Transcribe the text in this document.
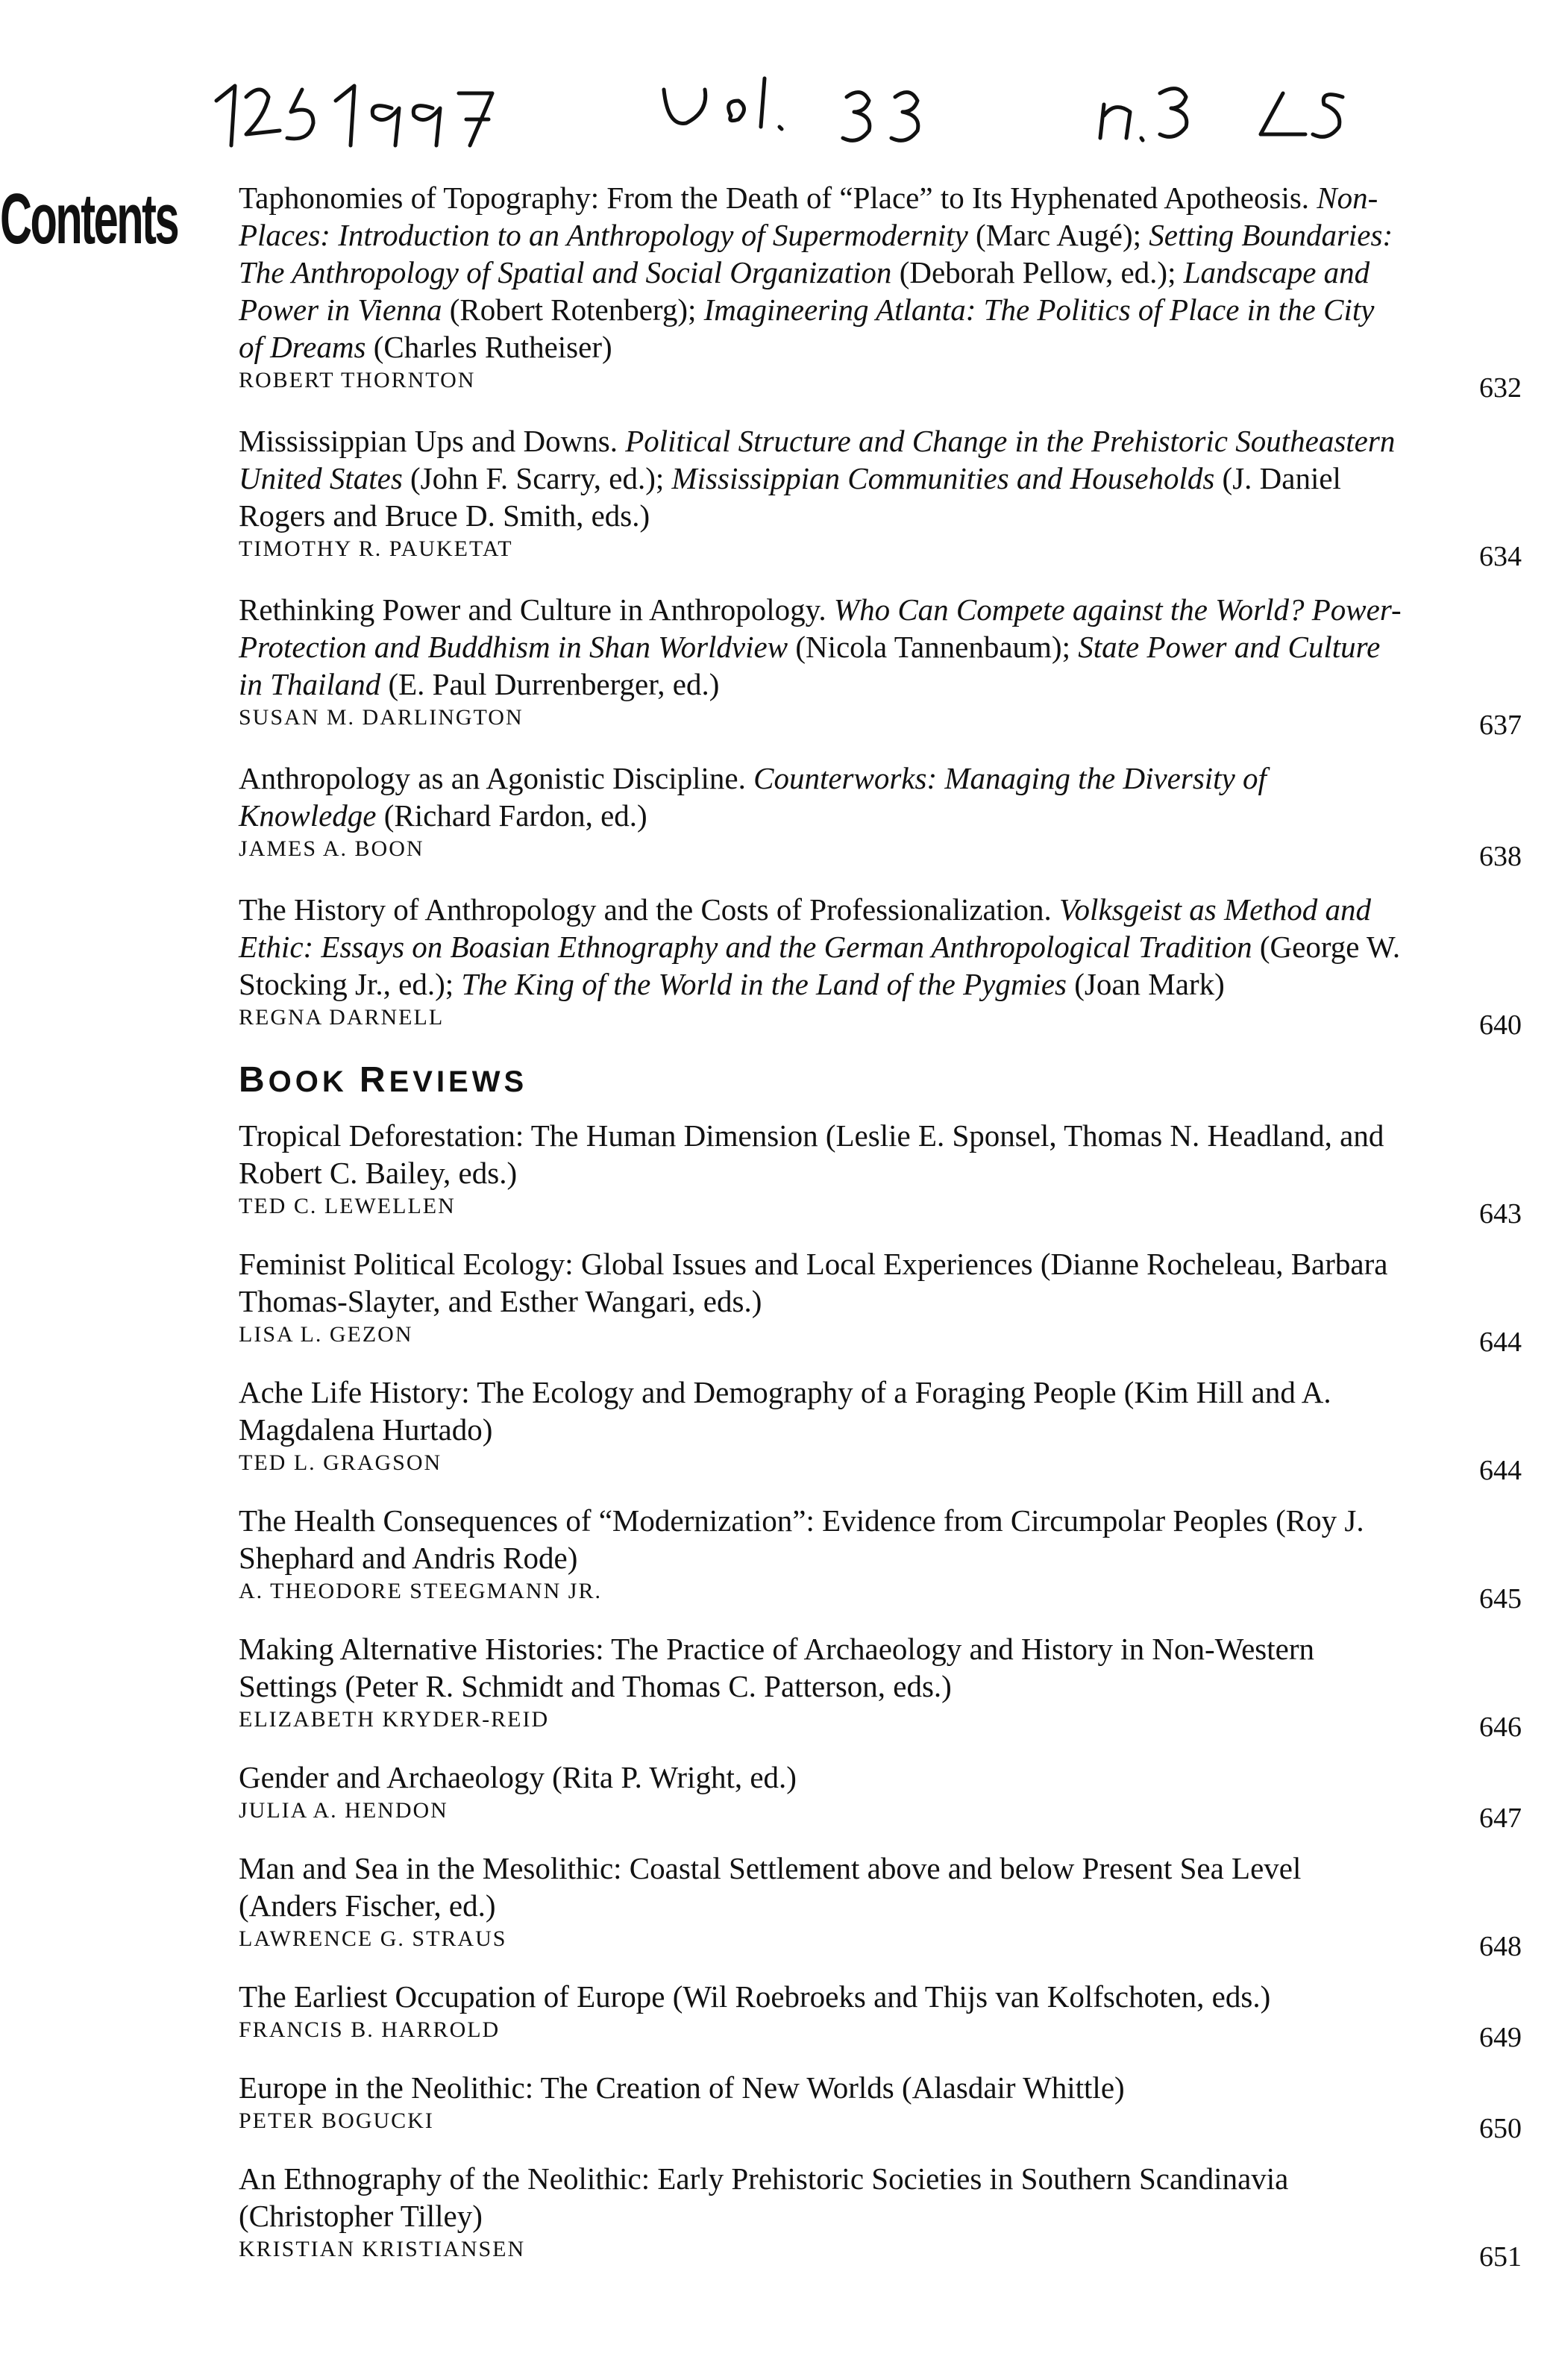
Contents Taphonomies of Topography: From the Death of “Place” to Its Hyphenated Apotheosis. Non-Places: Introduction to an Anthropology of Supermodernity (Marc Augé); Setting Boundaries: The Anthropology of Spatial and Social Organization (Deborah Pellow, ed.); Landscape and Power in Vienna (Robert Rotenberg); Imagineering Atlanta: The Politics of Place in the City of Dreams (Charles Rutheiser)
ROBERT THORNTON	632
Mississippian Ups and Downs. Political Structure and Change in the Prehistoric Southeastern United States (John F. Scarry, ed.); Mississippian Communities and Households (J. Daniel Rogers and Bruce D. Smith, eds.)
TIMOTHY R. PAUKETAT	634
Rethinking Power and Culture in Anthropology. Who Can Compete against the World? Power-Protection and Buddhism in Shan Worldview (Nicola Tannenbaum); State Power and Culture in Thailand (E. Paul Durrenberger, ed.)
SUSAN M. DARLINGTON	637
Anthropology as an Agonistic Discipline. Counterworks: Managing the Diversity of Knowledge (Richard Fardon, ed.)
JAMES A. BOON	638
The History of Anthropology and the Costs of Professionalization. Volksgeist as Method and Ethic: Essays on Boasian Ethnography and the German Anthropological Tradition (George W. Stocking Jr., ed.); The King of the World in the Land of the Pygmies (Joan Mark)
REGNA DARNELL	640
BOOK REVIEWS
Tropical Deforestation: The Human Dimension (Leslie E. Sponsel, Thomas N. Headland, and Robert C. Bailey, eds.)
TED C. LEWELLEN	643
Feminist Political Ecology: Global Issues and Local Experiences (Dianne Rocheleau, Barbara Thomas-Slayter, and Esther Wangari, eds.)
LISA L. GEZON	644
Ache Life History: The Ecology and Demography of a Foraging People (Kim Hill and A. Magdalena Hurtado)
TED L. GRAGSON	644
The Health Consequences of “Modernization”: Evidence from Circumpolar Peoples (Roy J. Shephard and Andris Rode)
A. THEODORE STEEGMANN JR.	645
Making Alternative Histories: The Practice of Archaeology and History in Non-Western Settings (Peter R. Schmidt and Thomas C. Patterson, eds.)
ELIZABETH KRYDER-REID	646
Gender and Archaeology (Rita P. Wright, ed.)
JULIA A. HENDON	647
Man and Sea in the Mesolithic: Coastal Settlement above and below Present Sea Level (Anders Fischer, ed.)
LAWRENCE G. STRAUS	648
The Earliest Occupation of Europe (Wil Roebroeks and Thijs van Kolfschoten, eds.)
FRANCIS B. HARROLD	649
Europe in the Neolithic: The Creation of New Worlds (Alasdair Whittle)
PETER BOGUCKI	650
An Ethnography of the Neolithic: Early Prehistoric Societies in Southern Scandinavia (Christopher Tilley)
KRISTIAN KRISTIANSEN	651
